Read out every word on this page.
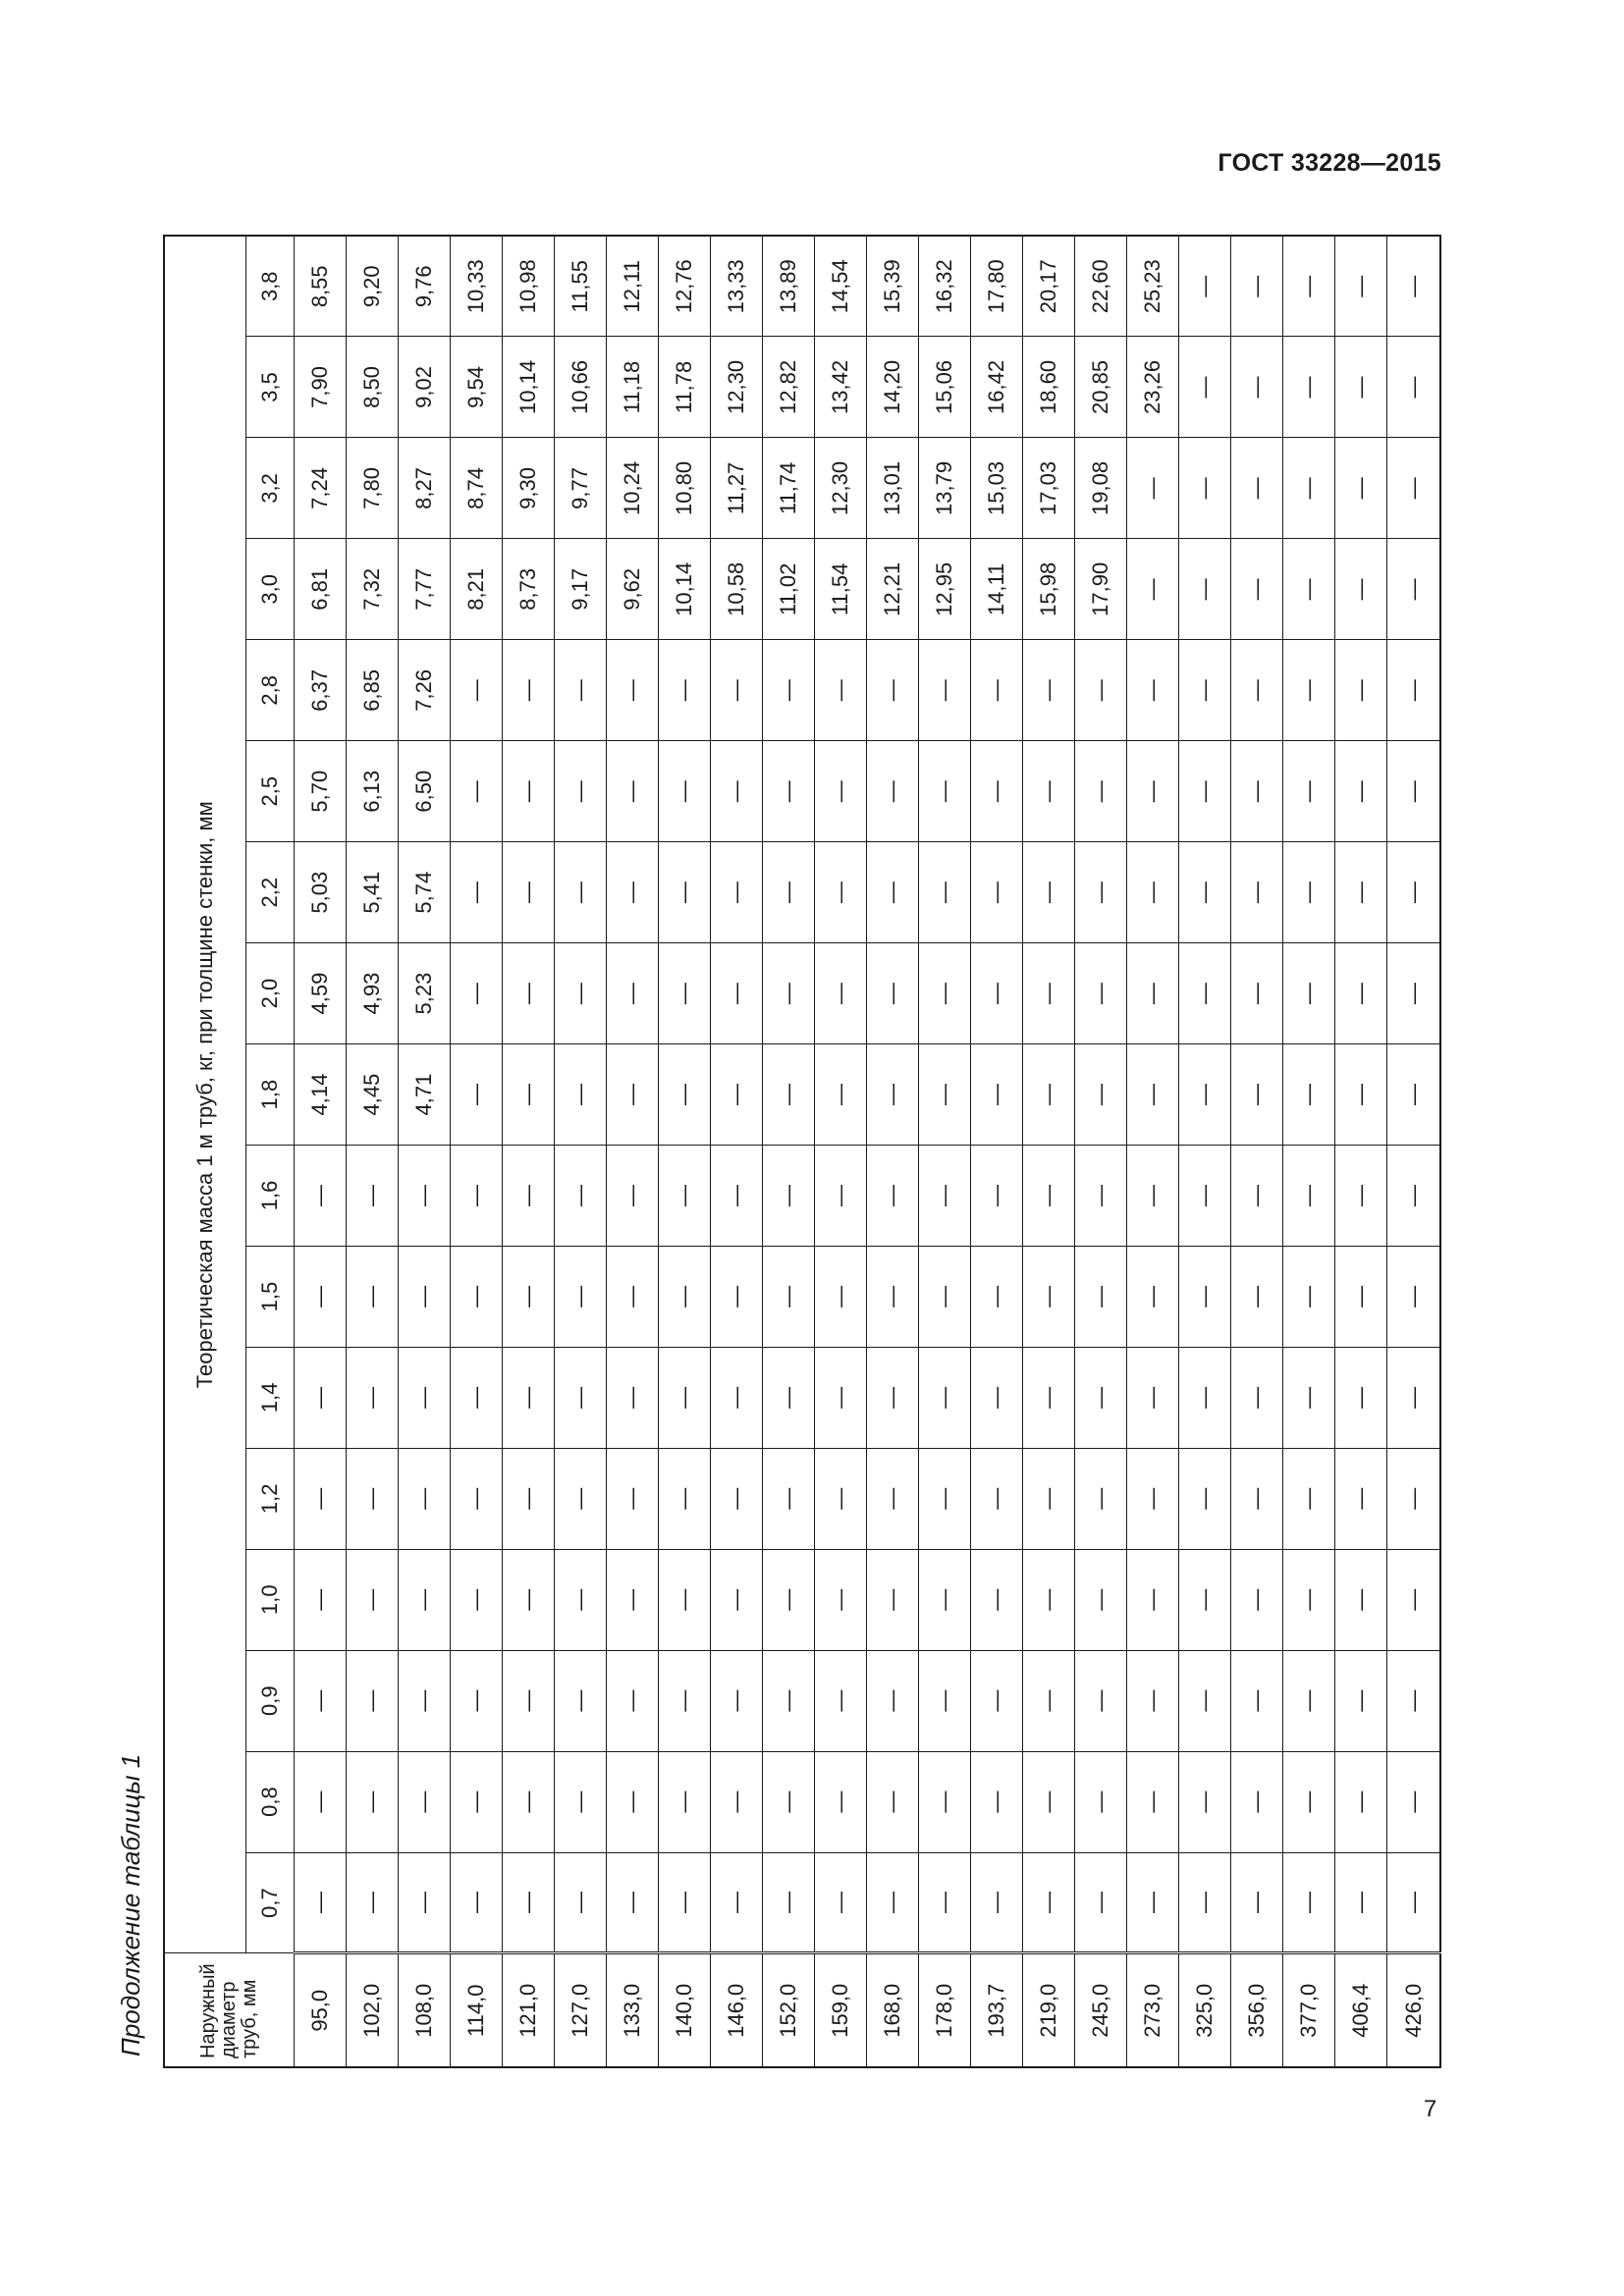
ГОСТ 33228—2015
Продолжение таблицы 1	Наружный диаметр труб, мм	Теоретическая масса 1 м труб, кг, при толщине стенки, мм																
	0,7	0,8	0,9	1,0	1,2	1,4	1,5	1,6	1,8	2,0	2,2	2,5	2,8	3,0	3,2	3,5	3,8
95,0	—	—	—	—	—	—	—	—	4,14	4,59	5,03	5,70	6,37	6,81	7,24	7,90	8,55
102,0	—	—	—	—	—	—	—	—	4,45	4,93	5,41	6,13	6,85	7,32	7,80	8,50	9,20
108,0	—	—	—	—	—	—	—	—	4,71	5,23	5,74	6,50	7,26	7,77	8,27	9,02	9,76
114,0	—	—	—	—	—	—	—	—	—	—	—	—	—	8,21	8,74	9,54	10,33
121,0	—	—	—	—	—	—	—	—	—	—	—	—	—	8,73	9,30	10,14	10,98
127,0	—	—	—	—	—	—	—	—	—	—	—	—	—	9,17	9,77	10,66	11,55
133,0	—	—	—	—	—	—	—	—	—	—	—	—	—	9,62	10,24	11,18	12,11
140,0	—	—	—	—	—	—	—	—	—	—	—	—	—	10,14	10,80	11,78	12,76
146,0	—	—	—	—	—	—	—	—	—	—	—	—	—	10,58	11,27	12,30	13,33
152,0	—	—	—	—	—	—	—	—	—	—	—	—	—	11,02	11,74	12,82	13,89
159,0	—	—	—	—	—	—	—	—	—	—	—	—	—	11,54	12,30	13,42	14,54
168,0	—	—	—	—	—	—	—	—	—	—	—	—	—	12,21	13,01	14,20	15,39
178,0	—	—	—	—	—	—	—	—	—	—	—	—	—	12,95	13,79	15,06	16,32
193,7	—	—	—	—	—	—	—	—	—	—	—	—	—	14,11	15,03	16,42	17,80
219,0	—	—	—	—	—	—	—	—	—	—	—	—	—	15,98	17,03	18,60	20,17
245,0	—	—	—	—	—	—	—	—	—	—	—	—	—	17,90	19,08	20,85	22,60
273,0	—	—	—	—	—	—	—	—	—	—	—	—	—	—	—	23,26	25,23
325,0	—	—	—	—	—	—	—	—	—	—	—	—	—	—	—	—	—
356,0	—	—	—	—	—	—	—	—	—	—	—	—	—	—	—	—	—
377,0	—	—	—	—	—	—	—	—	—	—	—	—	—	—	—	—	—
406,4	—	—	—	—	—	—	—	—	—	—	—	—	—	—	—	—	—
426,0	—	—	—	—	—	—	—	—	—	—	—	—	—	—	—	—	—
7
